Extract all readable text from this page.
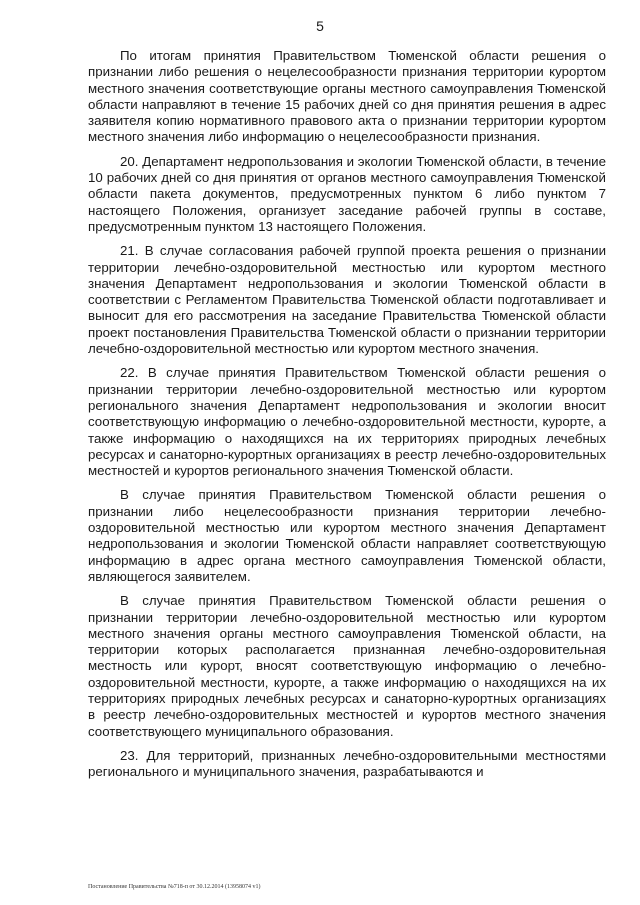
5

По итогам принятия Правительством Тюменской области решения о признании либо решения о нецелесообразности признания территории курортом местного значения соответствующие органы местного самоуправления Тюменской области направляют в течение 15 рабочих дней со дня принятия решения в адрес заявителя копию нормативного правового акта о признании территории курортом местного значения либо информацию о нецелесообразности признания.

20. Департамент недропользования и экологии Тюменской области, в течение 10 рабочих дней со дня принятия от органов местного самоуправления Тюменской области пакета документов, предусмотренных пунктом 6 либо пунктом 7 настоящего Положения, организует заседание рабочей группы в составе, предусмотренным пунктом 13 настоящего Положения.

21. В случае согласования рабочей группой проекта решения о признании территории лечебно-оздоровительной местностью или курортом местного значения Департамент недропользования и экологии Тюменской области в соответствии с Регламентом Правительства Тюменской области подготавливает и выносит для его рассмотрения на заседание Правительства Тюменской области проект постановления Правительства Тюменской области о признании территории лечебно-оздоровительной местностью или курортом местного значения.

22. В случае принятия Правительством Тюменской области решения о признании территории лечебно-оздоровительной местностью или курортом регионального значения Департамент недропользования и экологии вносит соответствующую информацию о лечебно-оздоровительной местности, курорте, а также информацию о находящихся на их территориях природных лечебных ресурсах и санаторно-курортных организациях в реестр лечебно-оздоровительных местностей и курортов регионального значения Тюменской области.

В случае принятия Правительством Тюменской области решения о признании либо нецелесообразности признания территории лечебно-оздоровительной местностью или курортом местного значения Департамент недропользования и экологии Тюменской области направляет соответствующую информацию в адрес органа местного самоуправления Тюменской области, являющегося заявителем.

В случае принятия Правительством Тюменской области решения о признании территории лечебно-оздоровительной местностью или курортом местного значения органы местного самоуправления Тюменской области, на территории которых располагается признанная лечебно-оздоровительная местность или курорт, вносят соответствующую информацию о лечебно-оздоровительной местности, курорте, а также информацию о находящихся на их территориях природных лечебных ресурсах и санаторно-курортных организациях в реестр лечебно-оздоровительных местностей и курортов местного значения соответствующего муниципального образования.

23. Для территорий, признанных лечебно-оздоровительными местностями регионального и муниципального значения, разрабатываются и

Постановление Правительства №718-п от 30.12.2014 (13958074 v1)
